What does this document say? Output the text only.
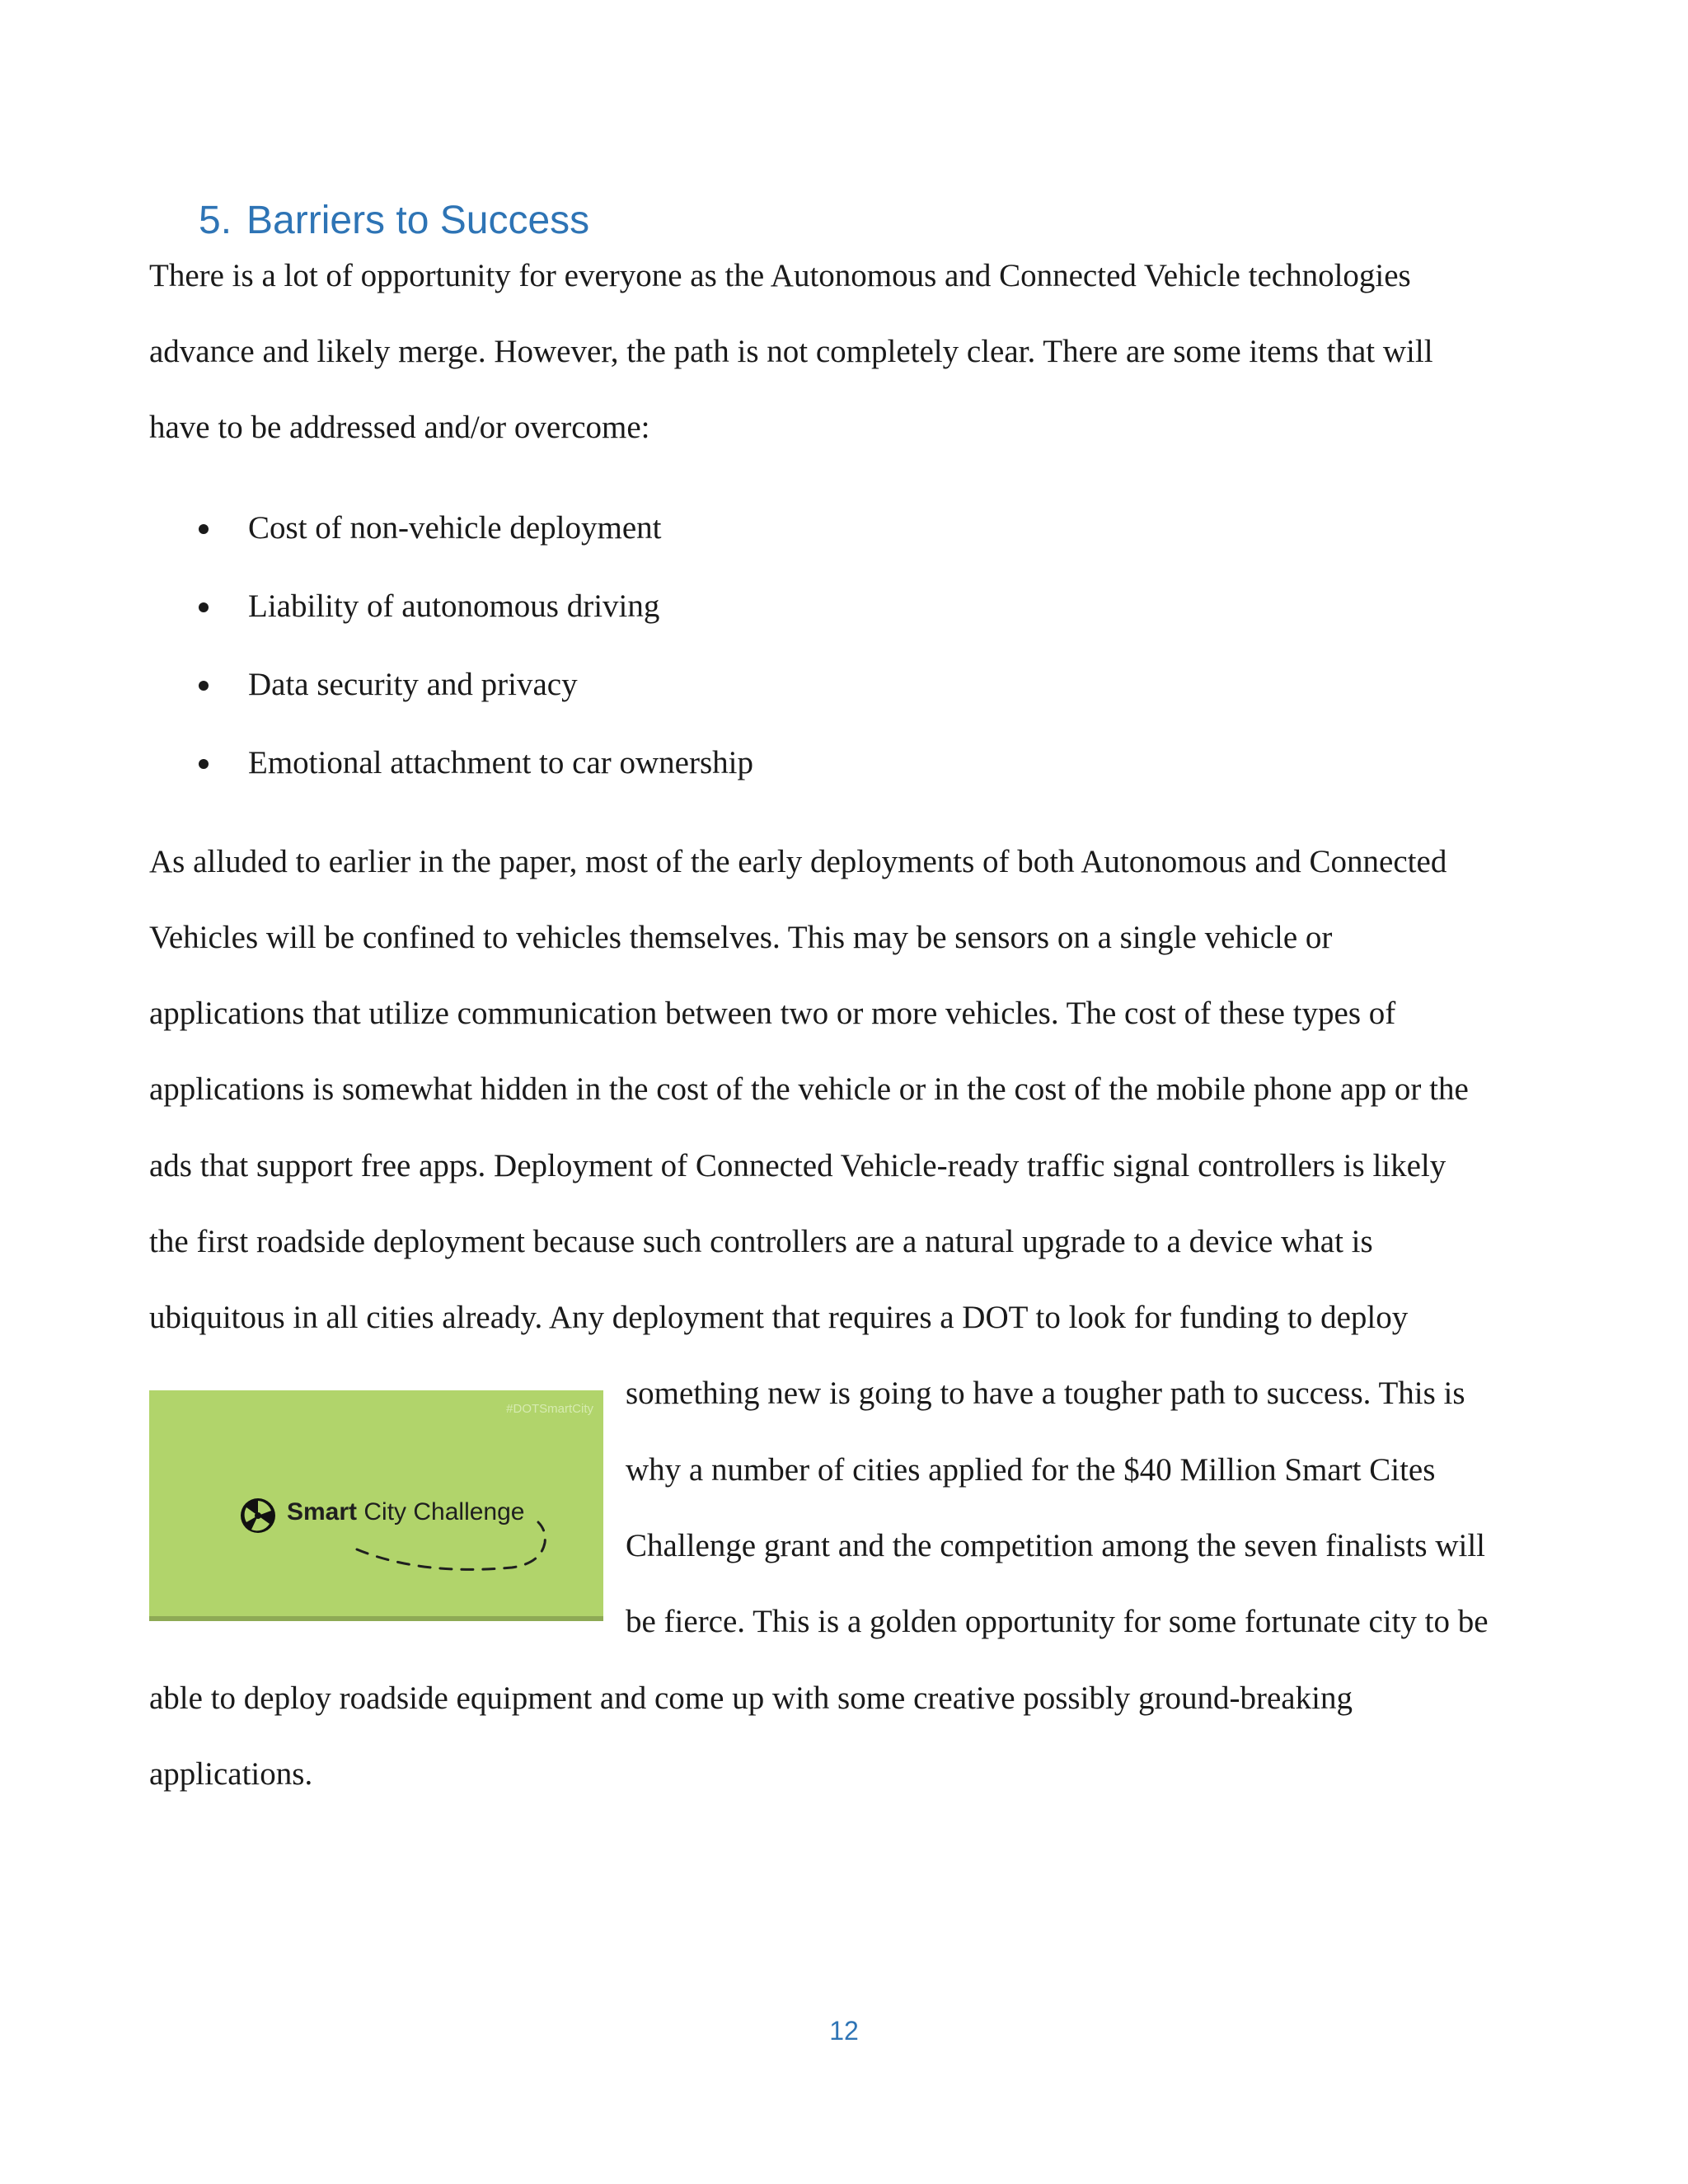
5. Barriers to Success
There is a lot of opportunity for everyone as the Autonomous and Connected Vehicle technologies
advance and likely merge. However, the path is not completely clear. There are some items that will
have to be addressed and/or overcome:
Cost of non-vehicle deployment
Liability of autonomous driving
Data security and privacy
Emotional attachment to car ownership
As alluded to earlier in the paper, most of the early deployments of both Autonomous and Connected
Vehicles will be confined to vehicles themselves. This may be sensors on a single vehicle or
applications that utilize communication between two or more vehicles. The cost of these types of
applications is somewhat hidden in the cost of the vehicle or in the cost of the mobile phone app or the
ads that support free apps. Deployment of Connected Vehicle-ready traffic signal controllers is likely
the first roadside deployment because such controllers are a natural upgrade to a device what is
ubiquitous in all cities already. Any deployment that requires a DOT to look for funding to deploy
#DOTSmartCity
Smart City Challenge
something new is going to have a tougher path to success. This is
why a number of cities applied for the $40 Million Smart Cites
Challenge grant and the competition among the seven finalists will
be fierce. This is a golden opportunity for some fortunate city to be
able to deploy roadside equipment and come up with some creative possibly ground-breaking
applications.
12
